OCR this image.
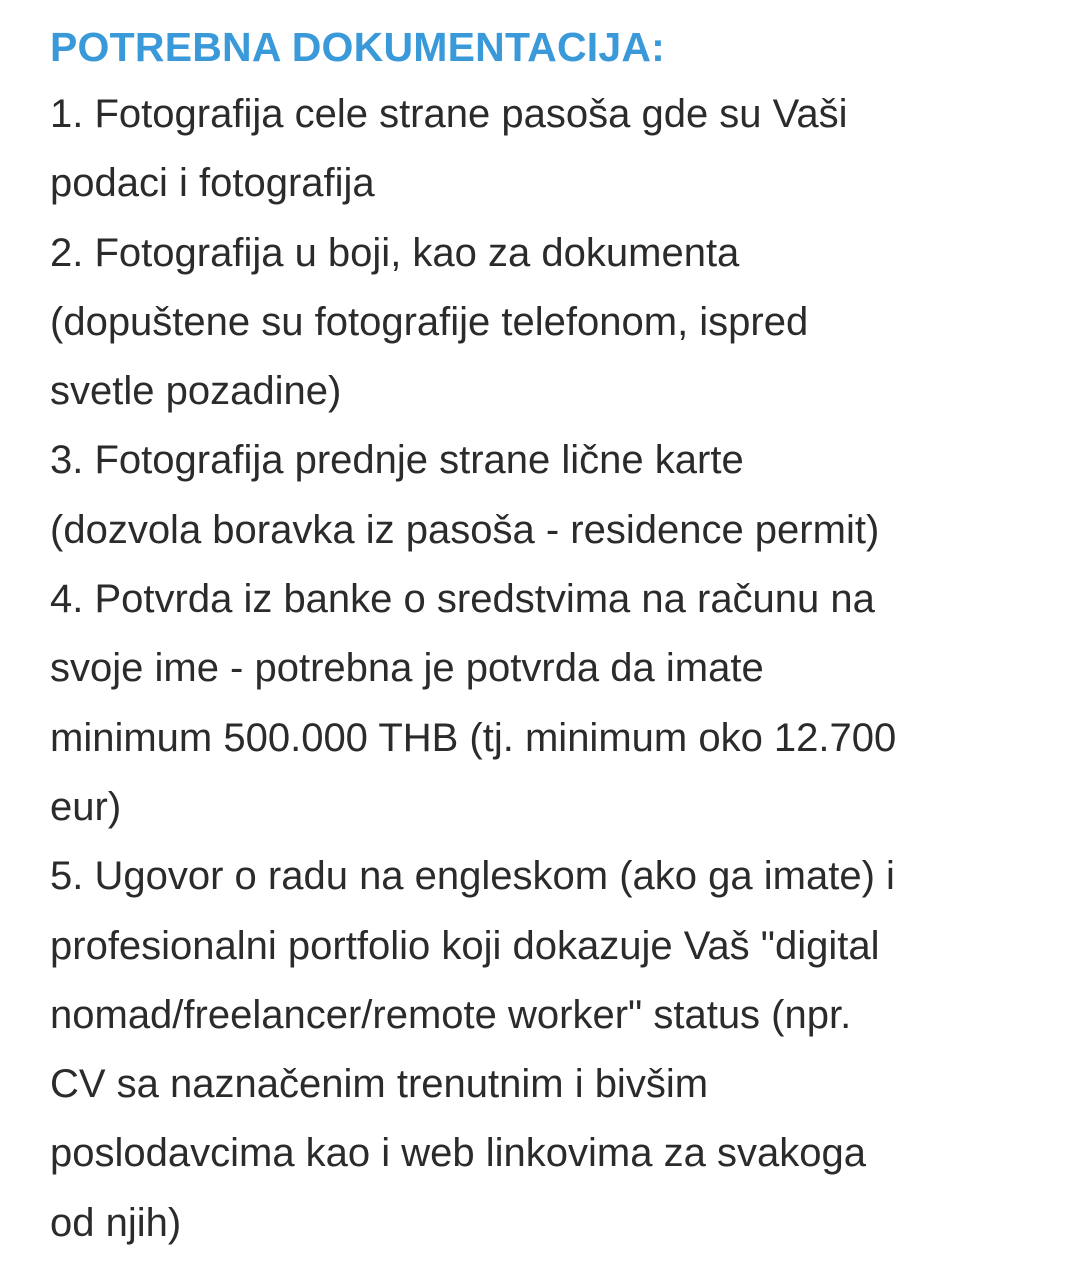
POTREBNA DOKUMENTACIJA:
1. Fotografija cele strane pasoša gde su Vaši
podaci i fotografija
2. Fotografija u boji, kao za dokumenta
(dopuštene su fotografije telefonom, ispred
svetle pozadine)
3. Fotografija prednje strane lične karte
(dozvola boravka iz pasoša - residence permit)
4. Potvrda iz banke o sredstvima na računu na
svoje ime - potrebna je potvrda da imate
minimum 500.000 THB (tj. minimum oko 12.700
eur)
5. Ugovor o radu na engleskom (ako ga imate) i
profesionalni portfolio koji dokazuje Vaš "digital
nomad/freelancer/remote worker" status (npr.
CV sa naznačenim trenutnim i bivšim
poslodavcima kao i web linkovima za svakoga
od njih)
